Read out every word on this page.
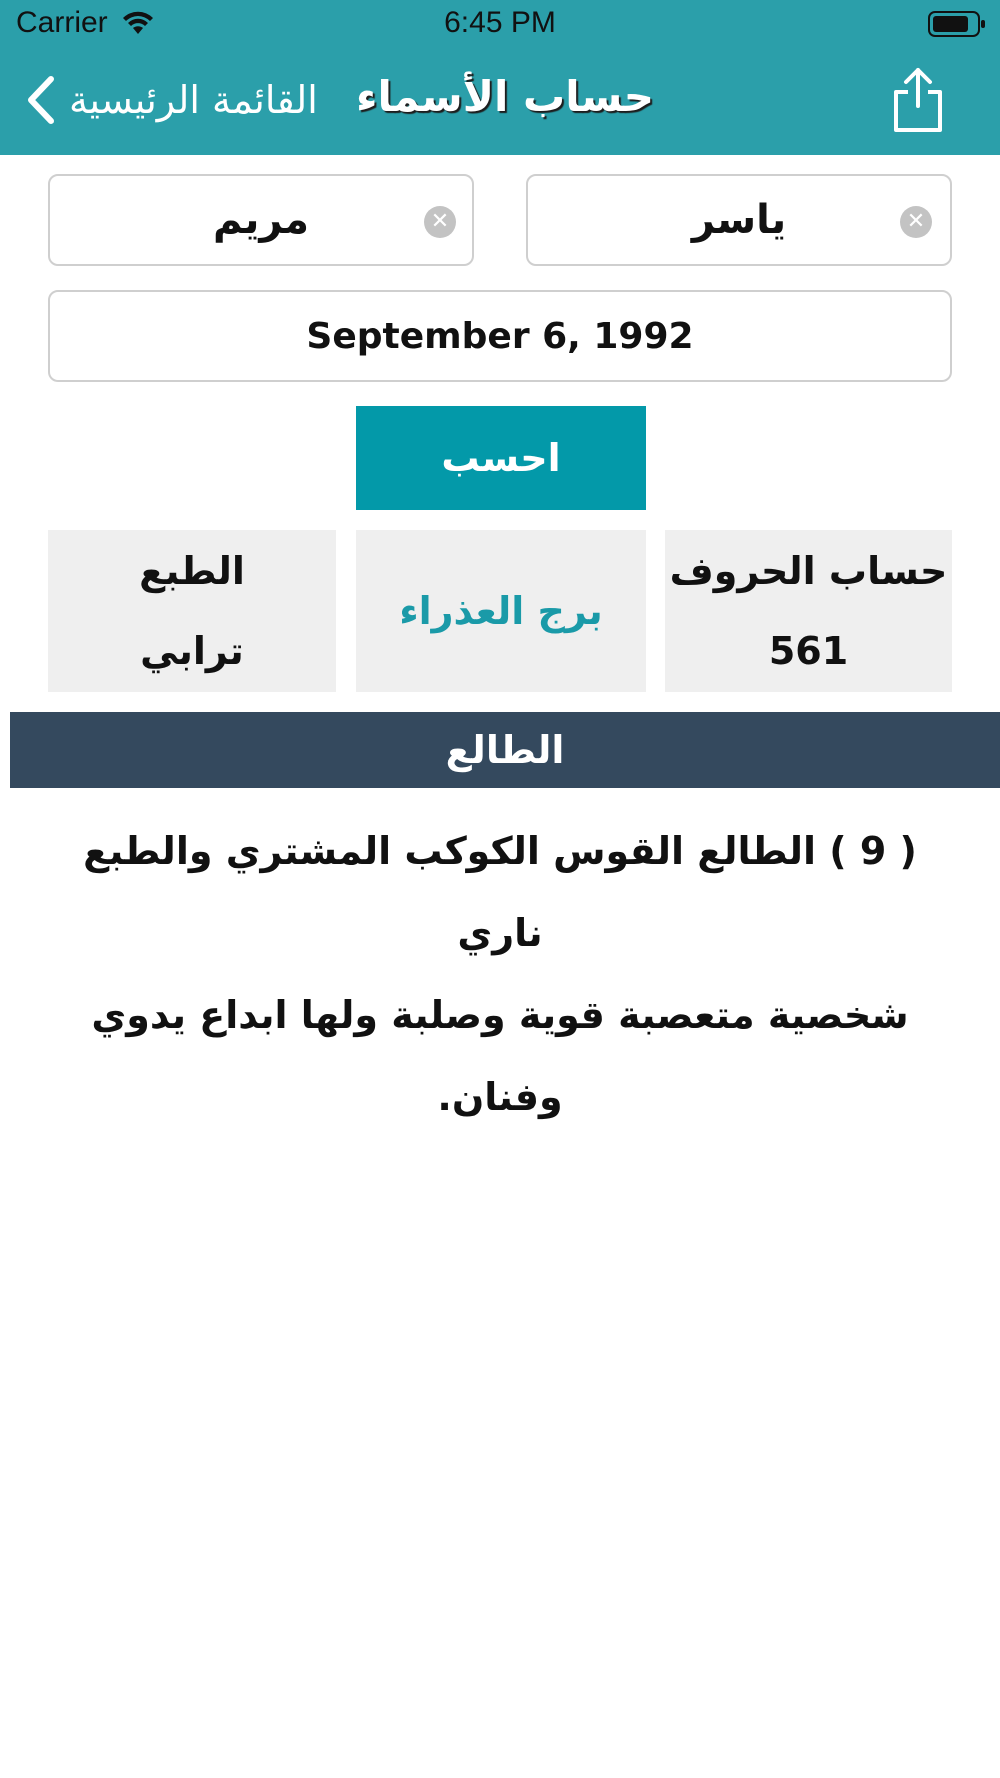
Carrier	6:45 PM
القائمة الرئيسية حساب الأسماء
ياسر
✕
مريم
✕
September 6, 1992
احسب
حساب الحروف
561
برج العذراء
الطبع
ترابي
الطالع
( 9 ) الطالع القوس الكوكب المشتري والطبع ناري
شخصية متعصبة قوية وصلبة ولها ابداع يدوي وفنان.
